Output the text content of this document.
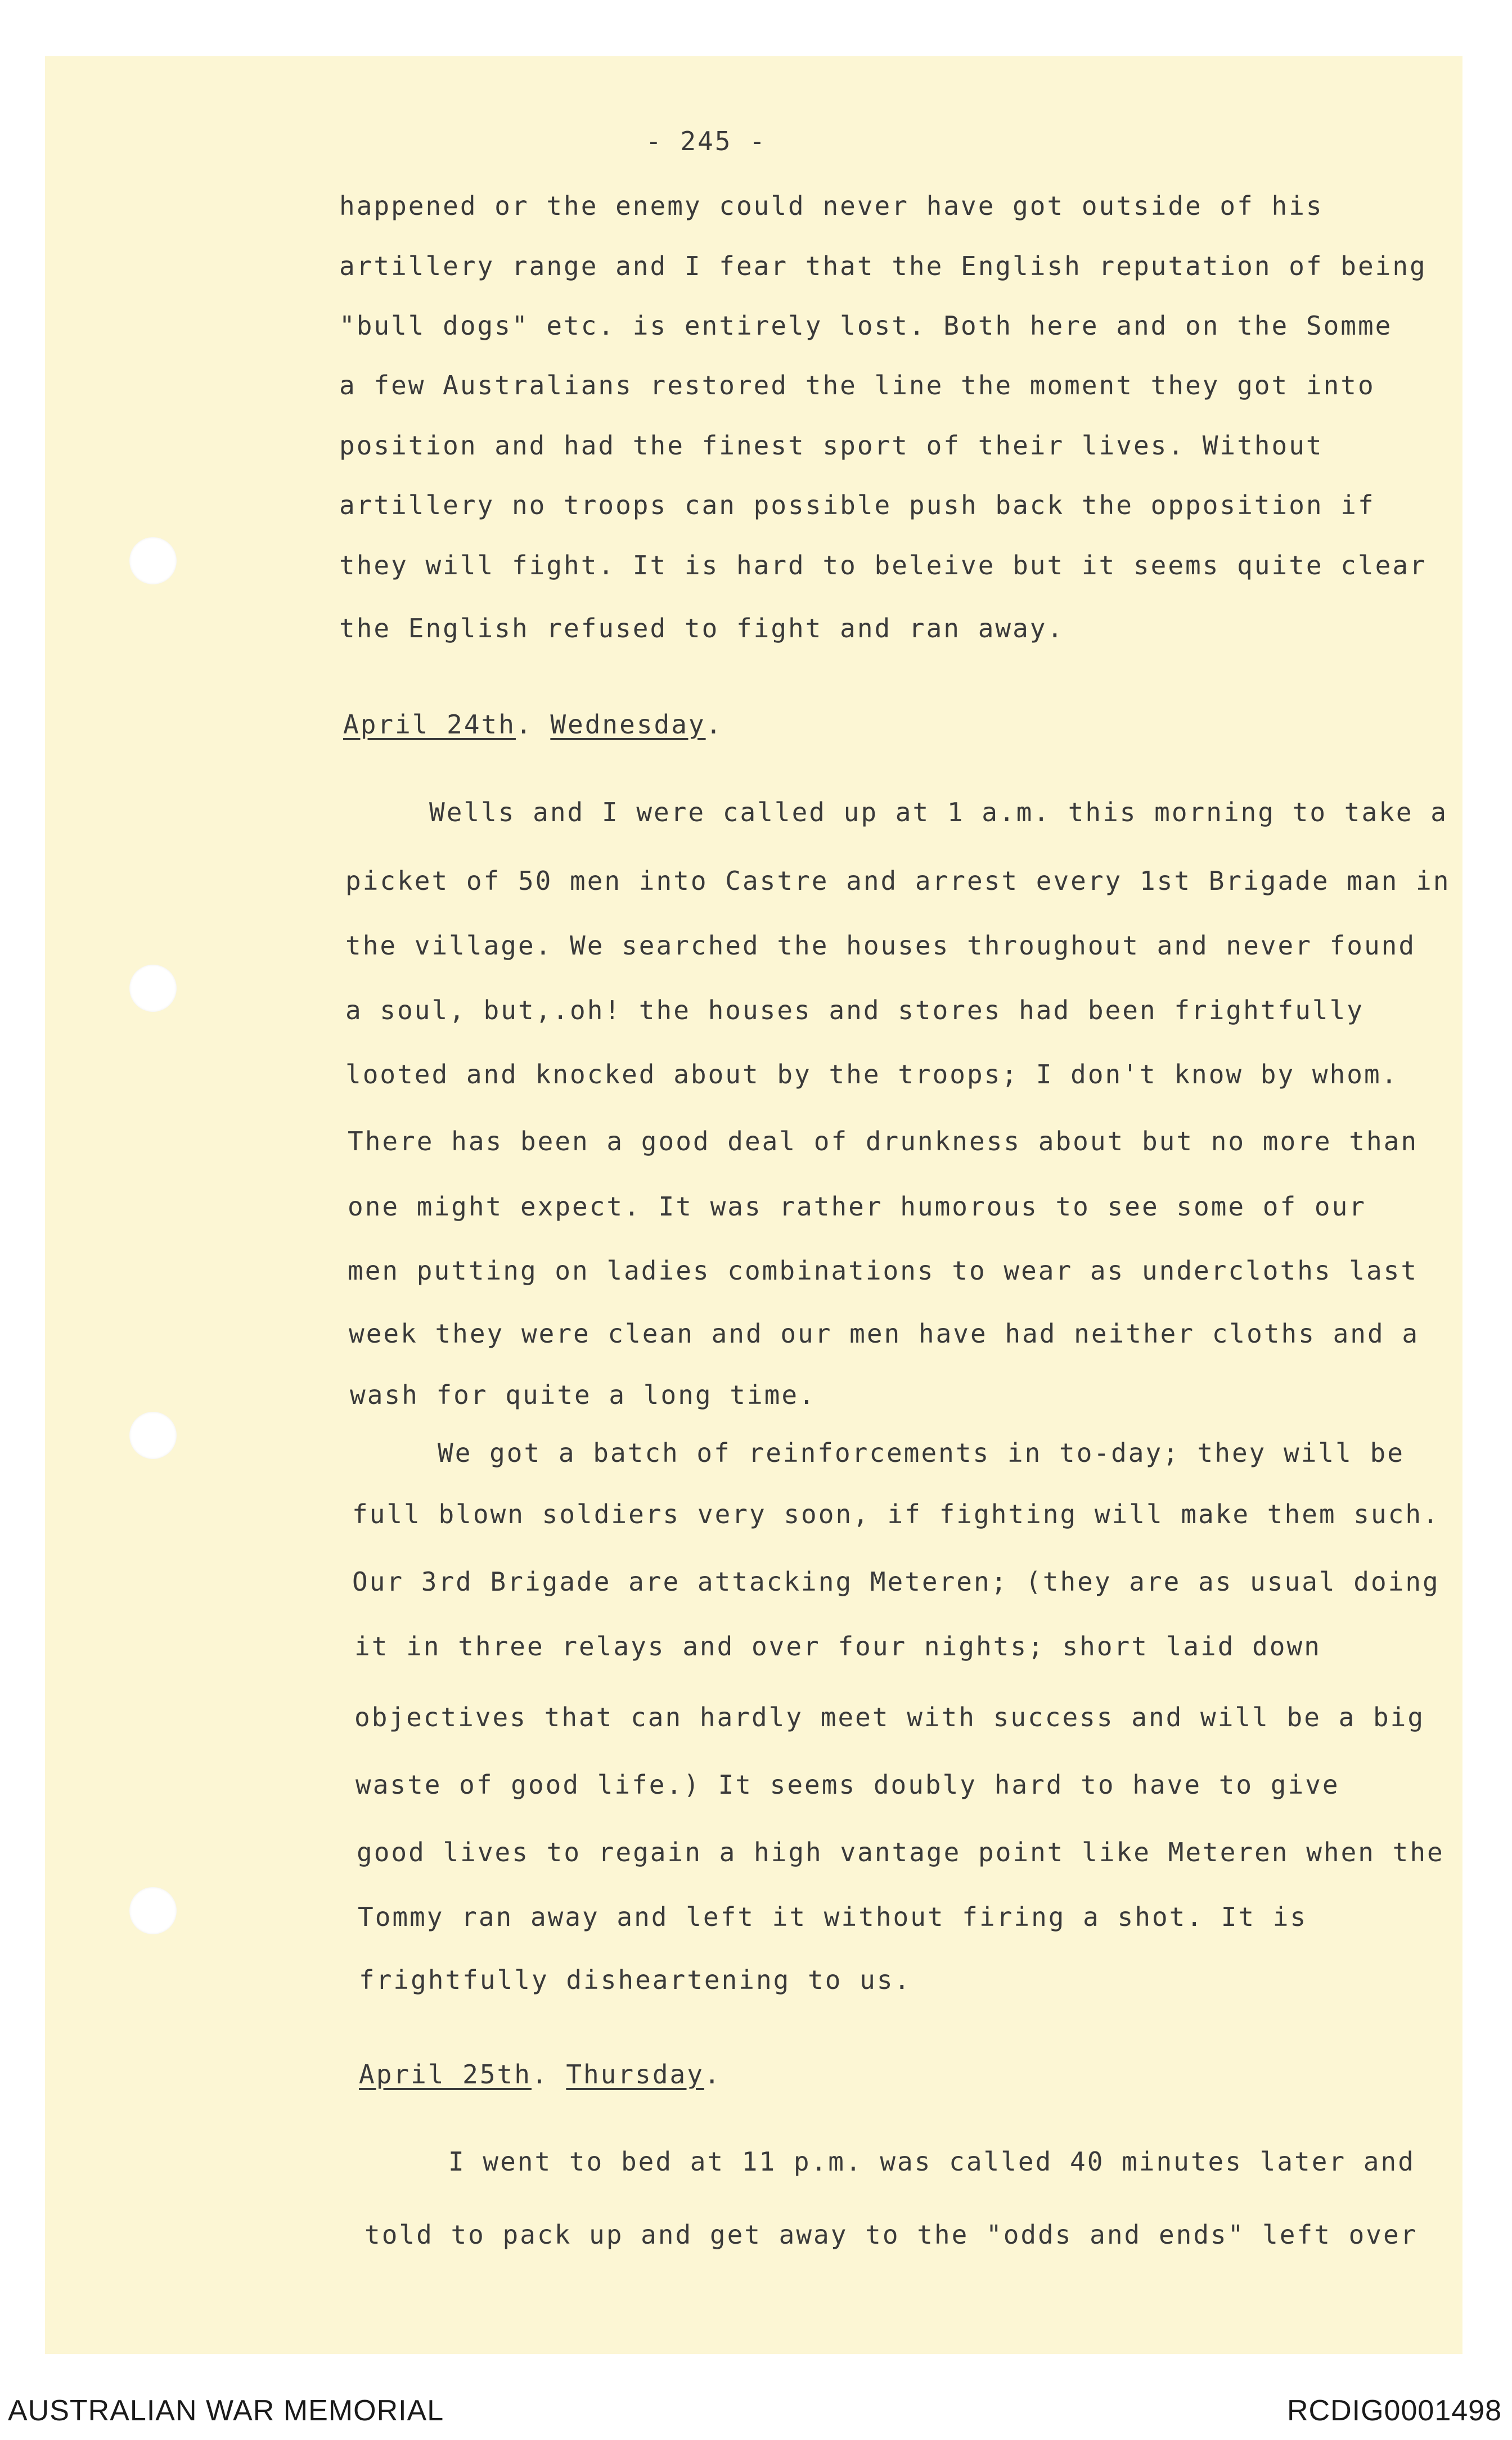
- 245 -

happened or the enemy could never have got outside of his

artillery range and I fear that the English reputation of being

"bull dogs" etc. is entirely lost. Both here and on the Somme

a few Australians restored the line the moment they got into

position and had the finest sport of their lives. Without

artillery no troops can possible push back the opposition if

they will fight. It is hard to beleive but it seems quite clear

the English refused to fight and ran away.

April 24th. Wednesday.

Wells and I were called up at 1 a.m. this morning to take a

picket of 50 men into Castre and arrest every 1st Brigade man in

the village. We searched the houses throughout and never found

a soul, but,.oh! the houses and stores had been frightfully

looted and knocked about by the troops; I don't know by whom.

There has been a good deal of drunkness about but no more than

one might expect. It was rather humorous to see some of our

men putting on ladies combinations to wear as undercloths last

week they were clean and our men have had neither cloths and a

wash for quite a long time.

We got a batch of reinforcements in to-day; they will be

full blown soldiers very soon, if fighting will make them such.

Our 3rd Brigade are attacking Meteren; (they are as usual doing

it in three relays and over four nights; short laid down

objectives that can hardly meet with success and will be a big

waste of good life.) It seems doubly hard to have to give

good lives to regain a high vantage point like Meteren when the

Tommy ran away and left it without firing a shot. It is

frightfully disheartening to us.

April 25th. Thursday.

I went to bed at 11 p.m. was called 40 minutes later and

told to pack up and get away to the "odds and ends" left over

AUSTRALIAN WAR MEMORIAL	RCDIG0001498
